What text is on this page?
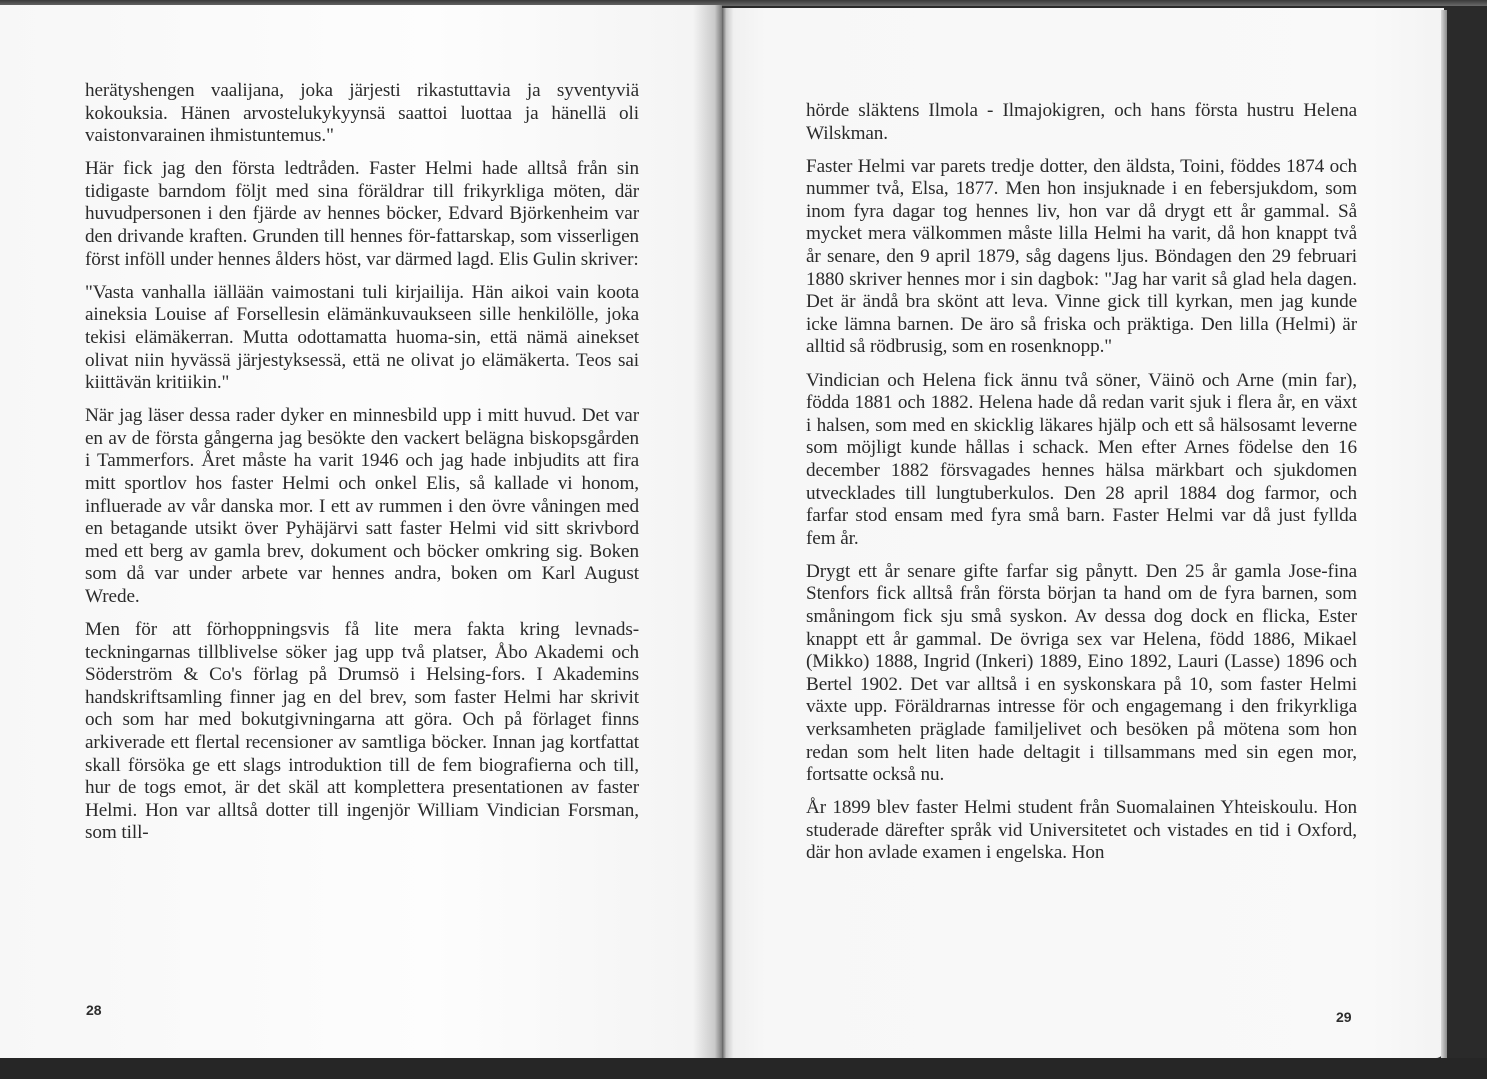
herätyshengen vaalijana, joka järjesti rikastuttavia ja syventyviä kokouksia. Hänen arvostelukykyynsä saattoi luottaa ja hänellä oli vaistonvarainen ihmistuntemus."

Här fick jag den första ledtråden. Faster Helmi hade alltså från sin tidigaste barndom följt med sina föräldrar till frikyrkliga möten, där huvudpersonen i den fjärde av hennes böcker, Edvard Björkenheim var den drivande kraften. Grunden till hennes för-fattarskap, som visserligen först inföll under hennes ålders höst, var därmed lagd. Elis Gulin skriver:

"Vasta vanhalla iällään vaimostani tuli kirjailija. Hän aikoi vain koota aineksia Louise af Forsellesin elämänkuvaukseen sille henkilölle, joka tekisi elämäkerran. Mutta odottamatta huoma-sin, että nämä ainekset olivat niin hyvässä järjestyksessä, että ne olivat jo elämäkerta. Teos sai kiittävän kritiikin."

När jag läser dessa rader dyker en minnesbild upp i mitt huvud. Det var en av de första gångerna jag besökte den vackert belägna biskopsgården i Tammerfors. Året måste ha varit 1946 och jag hade inbjudits att fira mitt sportlov hos faster Helmi och onkel Elis, så kallade vi honom, influerade av vår danska mor. I ett av rummen i den övre våningen med en betagande utsikt över Pyhäjärvi satt faster Helmi vid sitt skrivbord med ett berg av gamla brev, dokument och böcker omkring sig. Boken som då var under arbete var hennes andra, boken om Karl August Wrede.

Men för att förhoppningsvis få lite mera fakta kring levnads-teckningarnas tillblivelse söker jag upp två platser, Åbo Akademi och Söderström & Co's förlag på Drumsö i Helsing-fors. I Akademins handskriftsamling finner jag en del brev, som faster Helmi har skrivit och som har med bokutgivningarna att göra. Och på förlaget finns arkiverade ett flertal recensioner av samtliga böcker. Innan jag kortfattat skall försöka ge ett slags introduktion till de fem biografierna och till, hur de togs emot, är det skäl att komplettera presentationen av faster Helmi. Hon var alltså dotter till ingenjör William Vindician Forsman, som till-

28

hörde släktens Ilmola - Ilmajokigren, och hans första hustru Helena Wilskman.

Faster Helmi var parets tredje dotter, den äldsta, Toini, föddes 1874 och nummer två, Elsa, 1877. Men hon insjuknade i en febersjukdom, som inom fyra dagar tog hennes liv, hon var då drygt ett år gammal. Så mycket mera välkommen måste lilla Helmi ha varit, då hon knappt två år senare, den 9 april 1879, såg dagens ljus. Böndagen den 29 februari 1880 skriver hennes mor i sin dagbok: "Jag har varit så glad hela dagen. Det är ändå bra skönt att leva. Vinne gick till kyrkan, men jag kunde icke lämna barnen. De äro så friska och präktiga. Den lilla (Helmi) är alltid så rödbrusig, som en rosenknopp."

Vindician och Helena fick ännu två söner, Väinö och Arne (min far), födda 1881 och 1882. Helena hade då redan varit sjuk i flera år, en växt i halsen, som med en skicklig läkares hjälp och ett så hälsosamt leverne som möjligt kunde hållas i schack. Men efter Arnes födelse den 16 december 1882 försvagades hennes hälsa märkbart och sjukdomen utvecklades till lungtuberkulos. Den 28 april 1884 dog farmor, och farfar stod ensam med fyra små barn. Faster Helmi var då just fyllda fem år.

Drygt ett år senare gifte farfar sig pånytt. Den 25 år gamla Jose-fina Stenfors fick alltså från första början ta hand om de fyra barnen, som småningom fick sju små syskon. Av dessa dog dock en flicka, Ester knappt ett år gammal. De övriga sex var Helena, född 1886, Mikael (Mikko) 1888, Ingrid (Inkeri) 1889, Eino 1892, Lauri (Lasse) 1896 och Bertel 1902. Det var alltså i en syskonskara på 10, som faster Helmi växte upp. Föräldrarnas intresse för och engagemang i den frikyrkliga verksamheten präglade familjelivet och besöken på mötena som hon redan som helt liten hade deltagit i tillsammans med sin egen mor, fortsatte också nu.

År 1899 blev faster Helmi student från Suomalainen Yhteiskoulu. Hon studerade därefter språk vid Universitetet och vistades en tid i Oxford, där hon avlade examen i engelska. Hon

29
